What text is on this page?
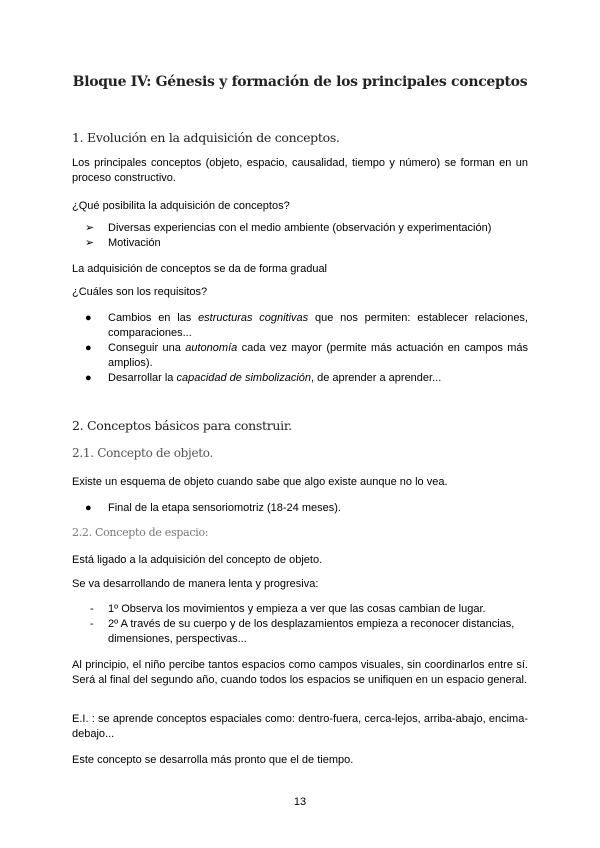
Bloque IV: Génesis y formación de los principales conceptos
1. Evolución en la adquisición de conceptos.
Los principales conceptos (objeto, espacio, causalidad, tiempo y número) se forman en un proceso constructivo.
¿Qué posibilita la adquisición de conceptos?
➢ Diversas experiencias con el medio ambiente (observación y experimentación)
➢ Motivación
La adquisición de conceptos se da de forma gradual
¿Cuáles son los requisitos?
● Cambios en las estructuras cognitivas que nos permiten: establecer relaciones, comparaciones...
● Conseguir una autonomía cada vez mayor (permite más actuación en campos más amplios).
● Desarrollar la capacidad de simbolización, de aprender a aprender...
2. Conceptos básicos para construir.
2.1. Concepto de objeto.
Existe un esquema de objeto cuando sabe que algo existe aunque no lo vea.
● Final de la etapa sensoriomotriz (18-24 meses).
2.2. Concepto de espacio:
Está ligado a la adquisición del concepto de objeto.
Se va desarrollando de manera lenta y progresiva:
- 1º Observa los movimientos y empieza a ver que las cosas cambian de lugar.
- 2º A través de su cuerpo y de los desplazamientos empieza a reconocer distancias, dimensiones, perspectivas...
Al principio, el niño percibe tantos espacios como campos visuales, sin coordinarlos entre sí. Será al final del segundo año, cuando todos los espacios se unifiquen en un espacio general.
E.I. : se aprende conceptos espaciales como: dentro-fuera, cerca-lejos, arriba-abajo, encima-debajo...
Este concepto se desarrolla más pronto que el de tiempo.
13
